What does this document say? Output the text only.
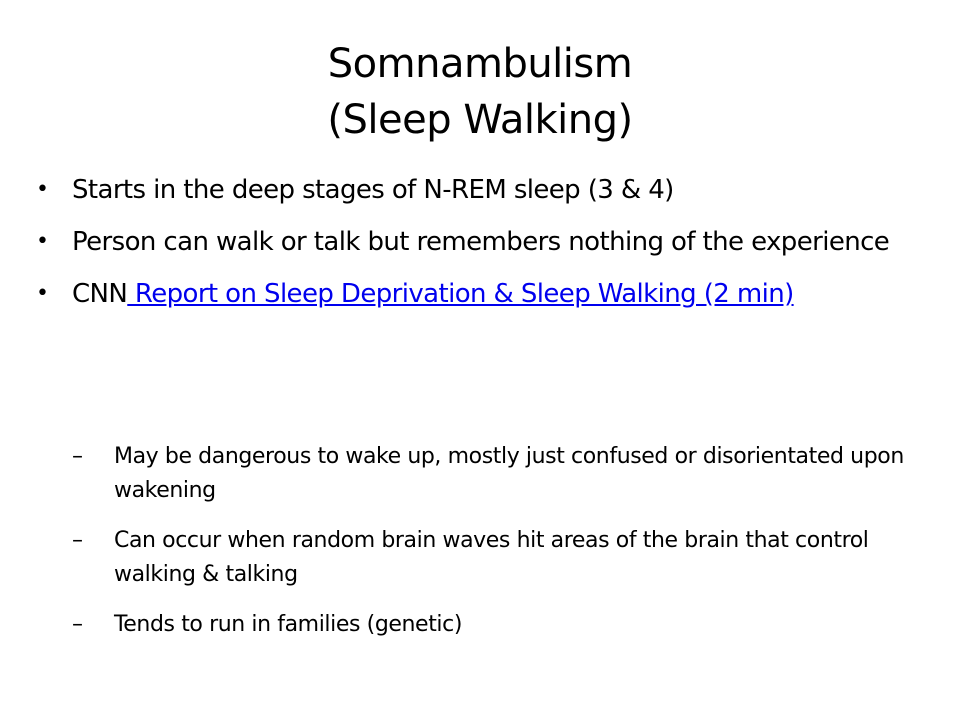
Somnambulism
(Sleep Walking)
• Starts in the deep stages of N-REM sleep (3 & 4)
• Person can walk or talk but remembers nothing of the experience
• CNN Report on Sleep Deprivation & Sleep Walking (2 min)
– May be dangerous to wake up, mostly just confused or disorientated upon wakening
– Can occur when random brain waves hit areas of the brain that control walking & talking
– Tends to run in families (genetic)
